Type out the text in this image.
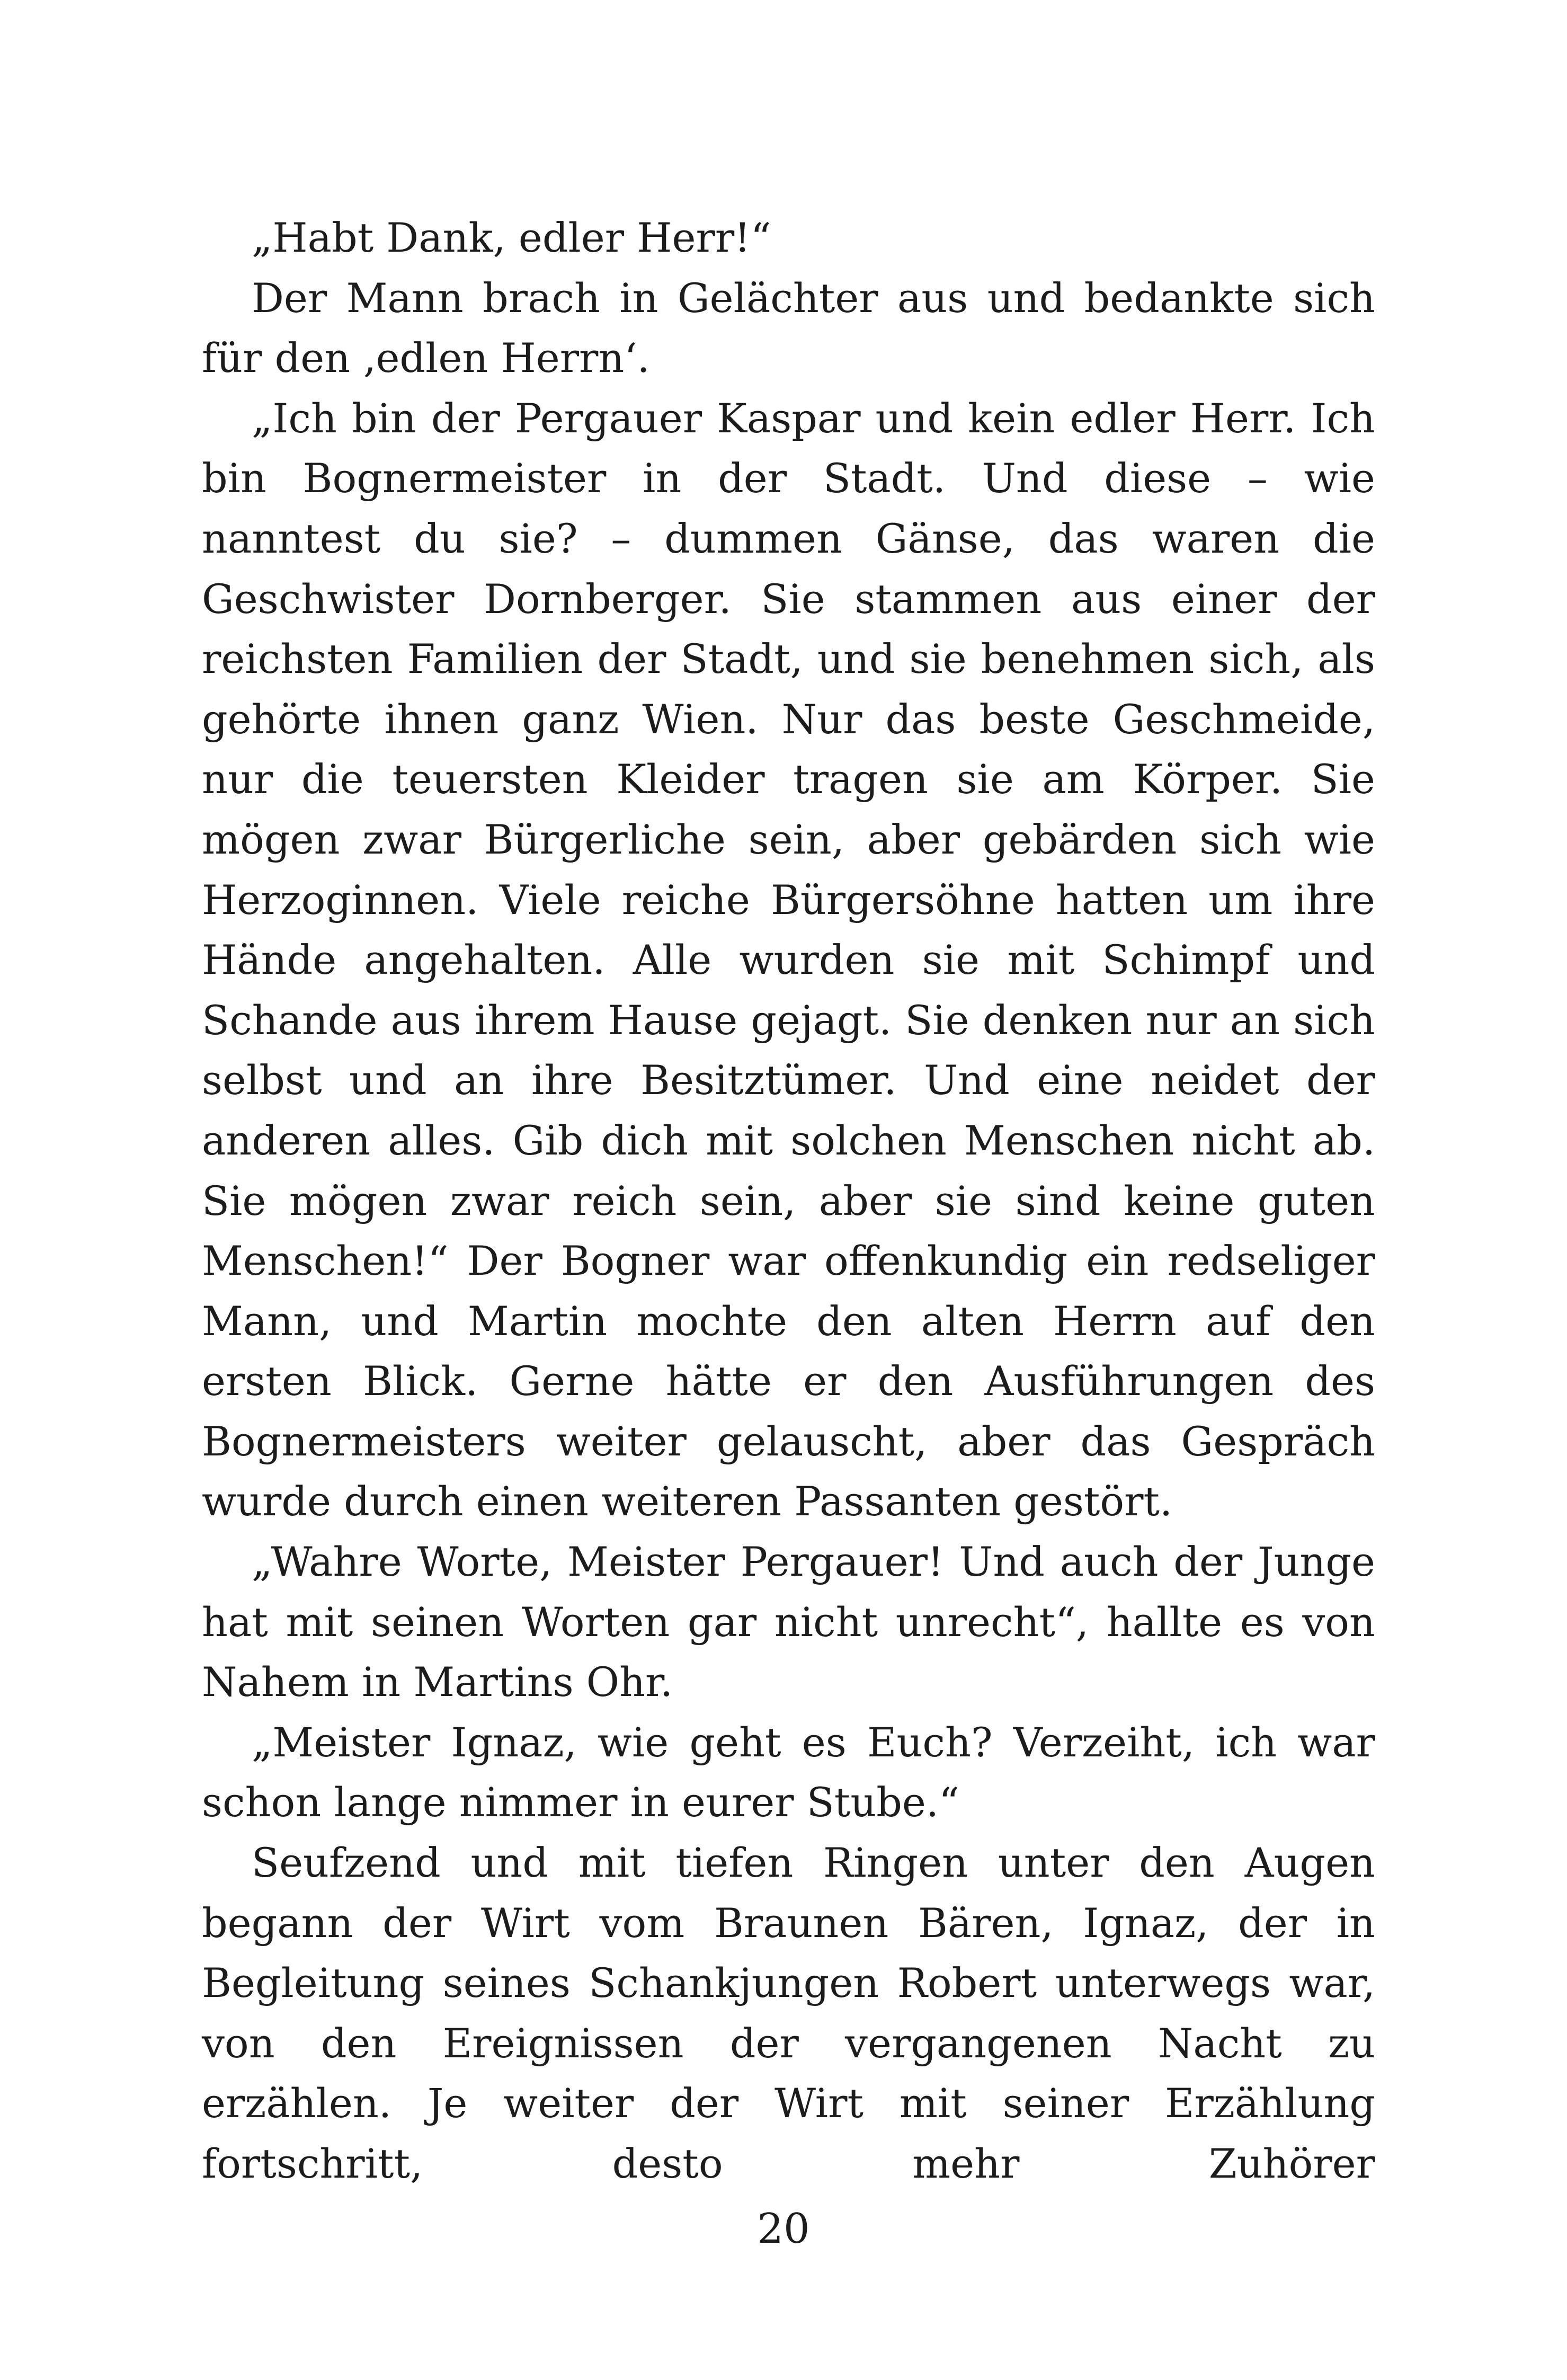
„Habt Dank, edler Herr!“

Der Mann brach in Gelächter aus und bedankte sich für den ‚edlen Herrn‘.

„Ich bin der Pergauer Kaspar und kein edler Herr. Ich bin Bognermeister in der Stadt. Und diese – wie nanntest du sie? – dummen Gänse, das waren die Geschwister Dornberger. Sie stammen aus einer der reichsten Familien der Stadt, und sie benehmen sich, als gehörte ihnen ganz Wien. Nur das beste Geschmeide, nur die teuersten Kleider tragen sie am Körper. Sie mögen zwar Bürgerliche sein, aber gebärden sich wie Herzoginnen. Viele reiche Bürgersöhne hatten um ihre Hände angehalten. Alle wurden sie mit Schimpf und Schande aus ihrem Hause gejagt. Sie denken nur an sich selbst und an ihre Besitztümer. Und eine neidet der anderen alles. Gib dich mit solchen Menschen nicht ab. Sie mögen zwar reich sein, aber sie sind keine guten Menschen!“ Der Bogner war offenkundig ein redseliger Mann, und Martin mochte den alten Herrn auf den ersten Blick. Gerne hätte er den Ausführungen des Bognermeisters weiter gelauscht, aber das Gespräch wurde durch einen weiteren Passanten gestört.

„Wahre Worte, Meister Pergauer! Und auch der Junge hat mit seinen Worten gar nicht unrecht“, hallte es von Nahem in Martins Ohr.

„Meister Ignaz, wie geht es Euch? Verzeiht, ich war schon lange nimmer in eurer Stube.“

Seufzend und mit tiefen Ringen unter den Augen begann der Wirt vom Braunen Bären, Ignaz, der in Begleitung seines Schankjungen Robert unterwegs war, von den Ereignissen der vergangenen Nacht zu erzählen. Je weiter der Wirt mit seiner Erzählung fortschritt, desto mehr Zuhörer

20
